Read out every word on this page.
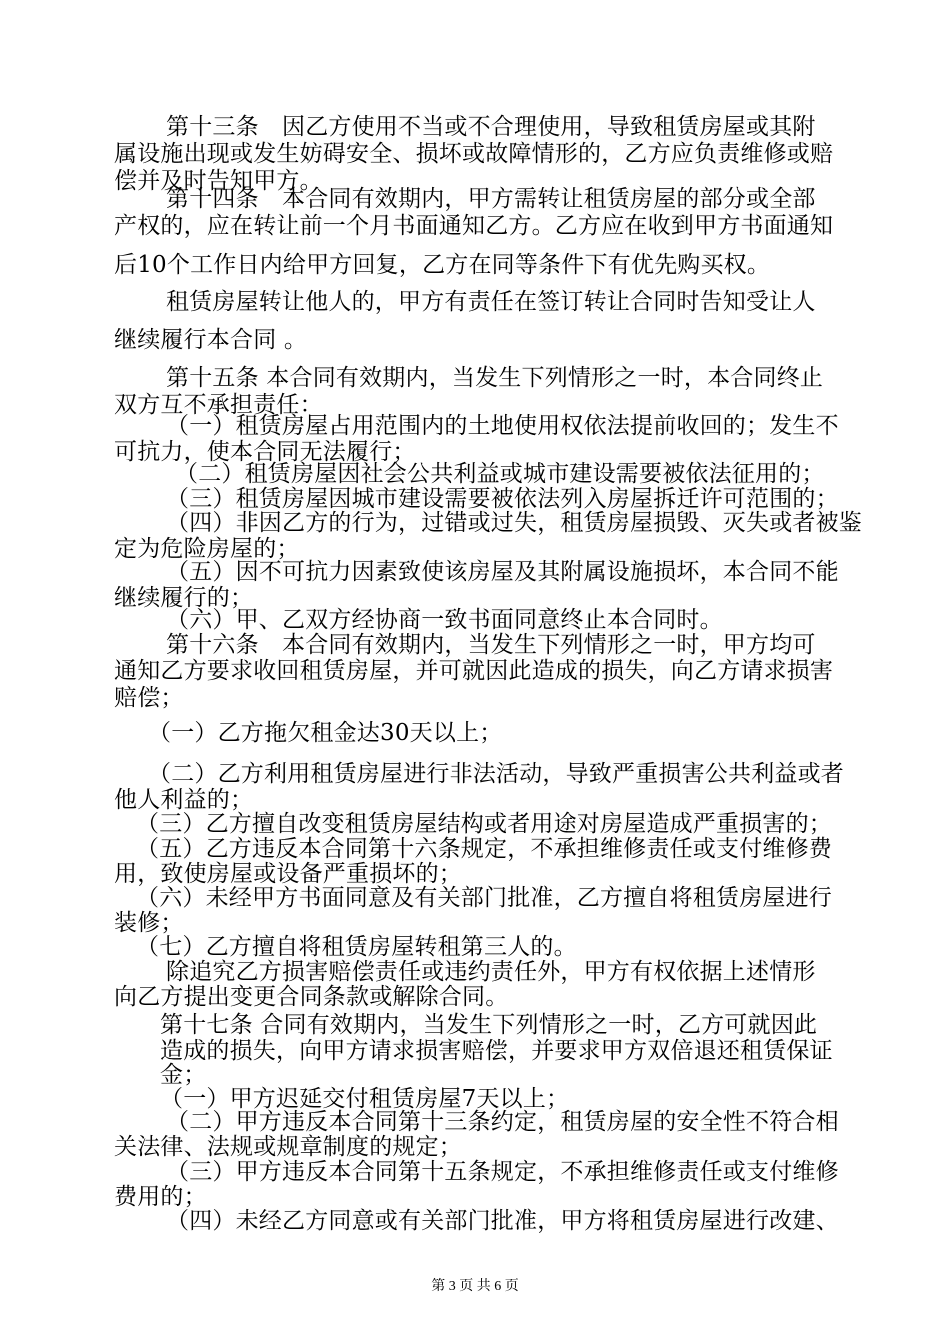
第十三条　因乙方使用不当或不合理使用，导致租赁房屋或其附
属设施出现或发生妨碍安全、损坏或故障情形的，乙方应负责维修或赔
偿并及时告知甲方。
第十四条　本合同有效期内，甲方需转让租赁房屋的部分或全部
产权的，应在转让前一个月书面通知乙方。乙方应在收到甲方书面通知
后10个工作日内给甲方回复，乙方在同等条件下有优先购买权。
租赁房屋转让他人的，甲方有责任在签订转让合同时告知受让人
继续履行本合同 。
第十五条 本合同有效期内，当发生下列情形之一时，本合同终止
双方互不承担责任：
（一）租赁房屋占用范围内的土地使用权依法提前收回的；发生不
可抗力，使本合同无法履行；
（二）租赁房屋因社会公共利益或城市建设需要被依法征用的；
（三）租赁房屋因城市建设需要被依法列入房屋拆迁许可范围的；
（四）非因乙方的行为，过错或过失，租赁房屋损毁、灭失或者被鉴
定为危险房屋的；
（五）因不可抗力因素致使该房屋及其附属设施损坏，本合同不能
继续履行的；
（六）甲、乙双方经协商一致书面同意终止本合同时。
第十六条　本合同有效期内，当发生下列情形之一时，甲方均可
通知乙方要求收回租赁房屋，并可就因此造成的损失，向乙方请求损害
赔偿；
（一）乙方拖欠租金达30天以上；
（二）乙方利用租赁房屋进行非法活动，导致严重损害公共利益或者
他人利益的；
（三）乙方擅自改变租赁房屋结构或者用途对房屋造成严重损害的；
（五）乙方违反本合同第十六条规定，不承担维修责任或支付维修费
用，致使房屋或设备严重损坏的；
（六）未经甲方书面同意及有关部门批准，乙方擅自将租赁房屋进行
装修；
（七）乙方擅自将租赁房屋转租第三人的。
除追究乙方损害赔偿责任或违约责任外，甲方有权依据上述情形
向乙方提出变更合同条款或解除合同。
第十七条 合同有效期内，当发生下列情形之一时，乙方可就因此
造成的损失，向甲方请求损害赔偿，并要求甲方双倍退还租赁保证
金；
（一）甲方迟延交付租赁房屋7天以上；
（二）甲方违反本合同第十三条约定，租赁房屋的安全性不符合相
关法律、法规或规章制度的规定；
（三）甲方违反本合同第十五条规定，不承担维修责任或支付维修
费用的；
（四）未经乙方同意或有关部门批准，甲方将租赁房屋进行改建、
第 3 页 共 6 页
